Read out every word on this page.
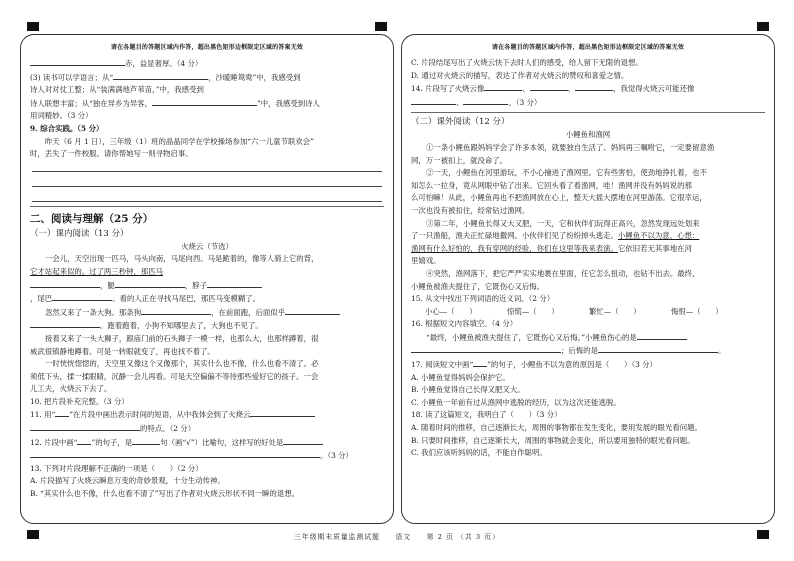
请在各题目的答题区域内作答，超出黑色矩形边框限定区域的答案无效
赤，益显奢厚。（4 分）
(3) 读书可以学语言；从“	，沙暖睡鸳鸯”中，我感受到
诗人对对仗工整；从“装满满地芦苇苗，”中，我感受到
诗人联想丰富；从“独在异乡为异客，	”中，我感受到诗人
用词精妙。（3 分）
9. 综合实践。（5 分）
昨天（6 月 1 日），三年级（1）班的晶晶同学在学校操场参加“六一儿童节联欢会”
时，丢失了一件校服。请你帮她写一则寻物启事。
二、阅读与理解（25 分）
（一）课内阅读（13 分）
火烧云（节选）
一会儿，天空出现一匹马，马头向南，马尾向西。马是跪着的，像等人骑上它的背，
它才站起来似的。过了两三秒钟，那匹马
，腿	，脖子
，尾巴	。看的人正在寻找马尾巴，那匹马变模糊了。
忽然又来了一条大狗。那条狗	，在前面跑，后面似乎
。跑着跑着，小狗不知哪里去了，大狗也不见了。
接着又来了一头大狮子，跟庙门前的石头狮子一模一样，也那么大，也那样蹲着，很
威武很镇静地蹲着。可是一转眼就变了，再也找不着了。
一时恍恍惚惚的，天空里又像这个又像那个，其实什么也不像，什么也看不清了。必
须低下头，揉一揉眼睛，沉静一会儿再看。可是天空偏偏不等待那些爱好它的孩子。一会
儿工夫，火烧云下去了。
10. 把片段补充完整。（3 分）
11. 用“ ”在片段中画出表示时间的短语，从中我体会到了火烧云
的特点。（2 分）
12. 片段中画“ ”的句子，是	句（画“√”）比喻句，这样写的好处是
。（3 分）
13. 下列对片段理解不正确的一项是（　　）（2 分）
A. 片段描写了火烧云瞬息万变的奇妙景观，十分生动传神。
B. “其实什么也不像，什么也看不清了”写出了作者对火烧云形状不同一瞬的退想。
请在各题目的答题区域内作答，超出黑色矩形边框限定区域的答案无效
C. 片段结尾写出了火烧云快下去时人们的感受，给人留下无限的退想。
D. 通过对火烧云的描写，表达了作者对火烧云的赞叹和喜爱之情。
14. 片段写了火烧云像	、	、	，我觉得火烧云可能还像
、	。（3 分）
（二）课外阅读（12 分）
小鲤鱼和渔网
①一条小鲤鱼跟妈妈学会了许多本领，就要独自生活了。妈妈再三嘱咐它，一定要留意渔
网，万一被扣上，就没命了。
②一天，小鲤鱼在河里游玩，不小心撞进了渔网里。它有些害怕，使劲地挣扎着，也不
知怎么一拉身，竟从网眼中钻了出来。它回头看了看渔网，哇！渔网并没有妈妈说的那
么可怕嘛！从此，小鲤鱼再也不把渔网放在心上，整天大摇大摆地在河里游荡。它很幸运，
一次也没有被扣住，经常钻过渔网。
③第二年，小鲤鱼长得又大又肥，一天，它和伙伴们玩得正高兴，忽然发现远处划来
了一只渔船，渔夫正忙碌地撒网。小伙伴们见了纷纷掉头逃走。小鲤鱼不以为意，心想：
渔网有什么好怕的，我有穿网的经验，你们在这里等我来表演。它依旧若无其事地在河
里嬉戏。
④突然，渔网落下，把它严严实实地裹在里面，任它怎么扭动，也钻不出去。最终，
小鲤鱼被渔夫提住了，它既伤心又后悔。
15. 从文中找出下列词语的近义词。（2 分）
小心—（　　）	惊慌—（　　）	繁忙—（　　）	悔恨—（　　）
16. 根据短文内容填空。（4 分）
“最终，小鲤鱼被渔夫提住了，它既伤心又后悔。”小鲤鱼伤心的是
；后悔的是	。
17. 阅读短文中画“ ”的句子，小鲤鱼不以为意的原因是（　　）（3 分）
A. 小鲤鱼觉得妈妈会保护它。
B. 小鲤鱼觉得自己长得又肥又大。
C. 小鲤鱼一年前有过从渔网中逃脱的经历，以为这次还能逃脱。
18. 读了这篇短文，我明白了（　　）（3 分）
A. 随着时间的推移，自己逐渐长大，周围的事物都在发生变化，要用发展的眼光看问题。
B. 只要时间推移，自己逐渐长大，周围的事物就会变化，所以要用独特的眼光看问题。
C. 我们应该听妈妈的话，不能自作聪明。
三年级期末质量监测试题　　语文　　第 2 页 （共 3 页）
